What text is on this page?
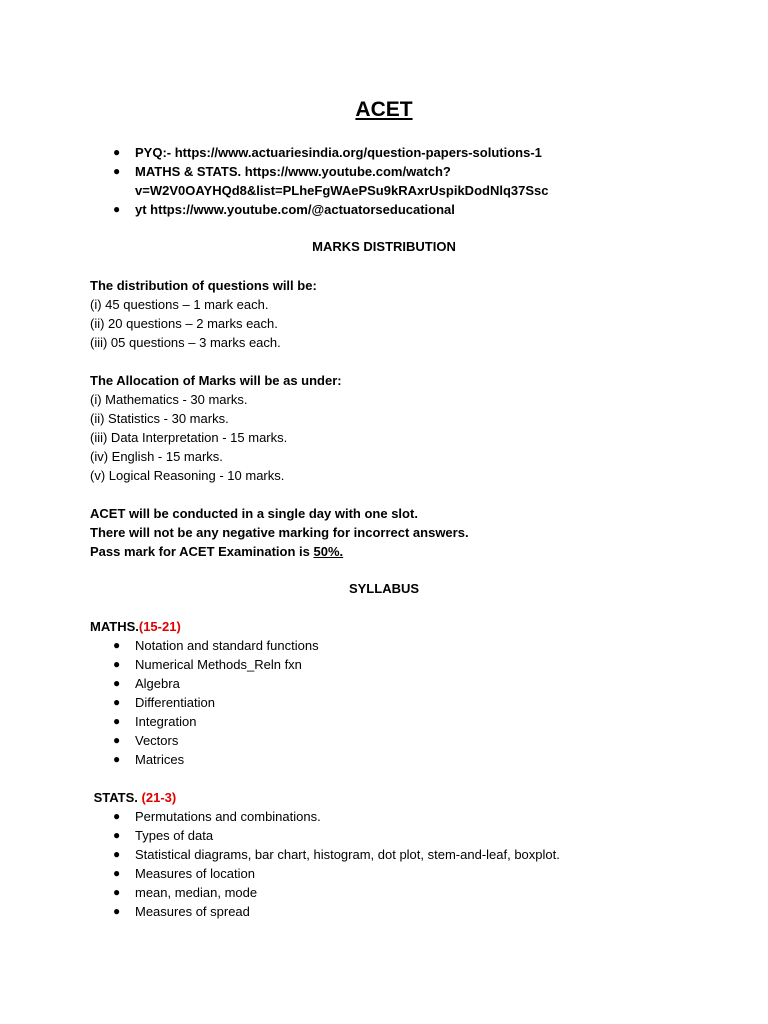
ACET
● PYQ:- https://www.actuariesindia.org/question-papers-solutions-1
● MATHS & STATS. https://www.youtube.com/watch?
v=W2V0OAYHQd8&list=PLheFgWAePSu9kRAxrUspikDodNlq37Ssc
● yt https://www.youtube.com/@actuatorseducational
MARKS DISTRIBUTION
The distribution of questions will be:
(i) 45 questions – 1 mark each.
(ii) 20 questions – 2 marks each.
(iii) 05 questions – 3 marks each.
The Allocation of Marks will be as under:
(i) Mathematics - 30 marks.
(ii) Statistics - 30 marks.
(iii) Data Interpretation - 15 marks.
(iv) English - 15 marks.
(v) Logical Reasoning - 10 marks.
ACET will be conducted in a single day with one slot.
There will not be any negative marking for incorrect answers.
Pass mark for ACET Examination is 50%.
SYLLABUS
MATHS.(15-21)
● Notation and standard functions
● Numerical Methods_Reln fxn
● Algebra
● Differentiation
● Integration
● Vectors
● Matrices
STATS. (21-3)
● Permutations and combinations.
● Types of data
● Statistical diagrams, bar chart, histogram, dot plot, stem-and-leaf, boxplot.
● Measures of location
● mean, median, mode
● Measures of spread
